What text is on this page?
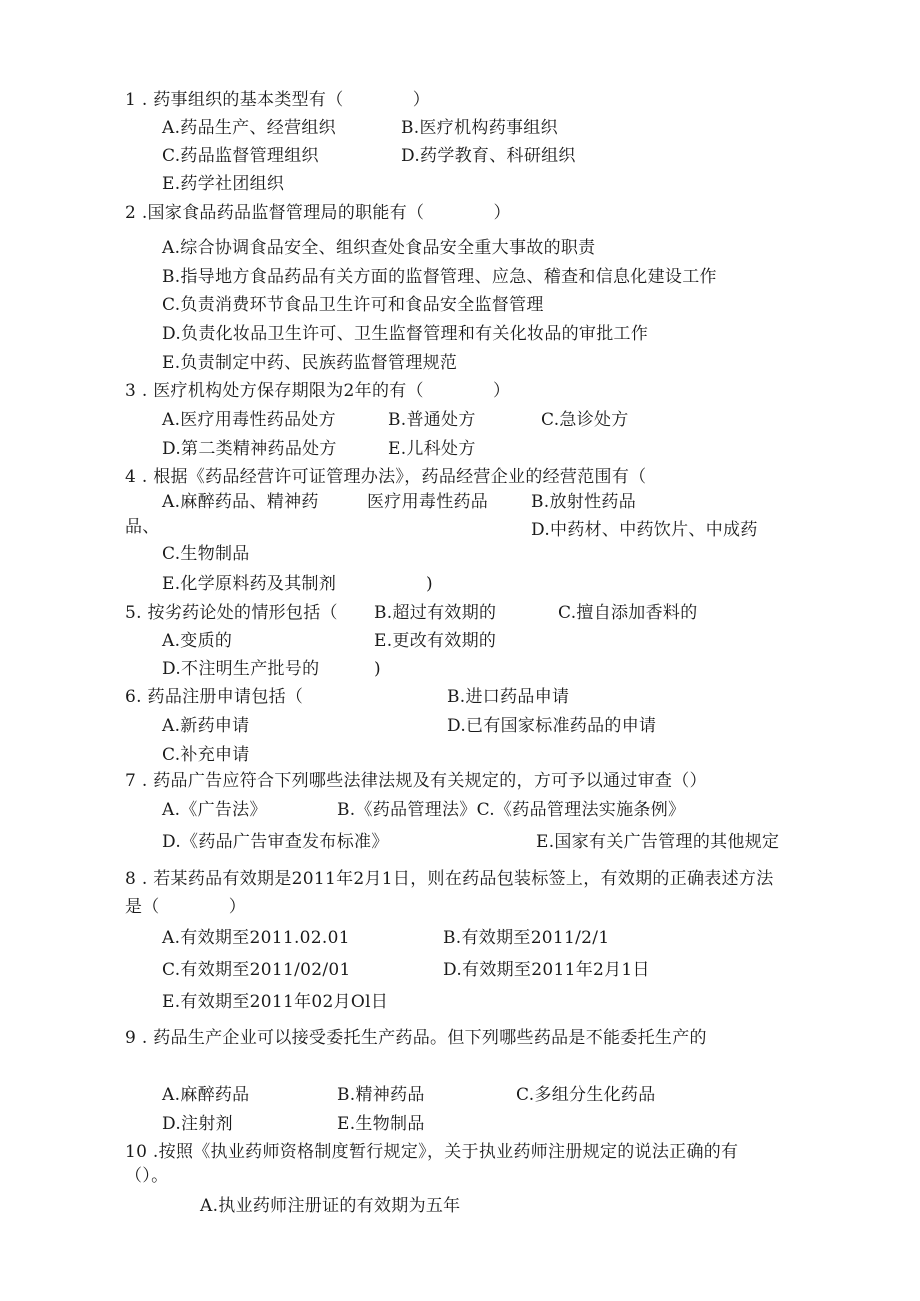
1 . 药事组织的基本类型有（　　　　）
A.药品生产、经营组织	B.医疗机构药事组织
C.药品监督管理组织	D.药学教育、科研组织
E.药学社团组织
2 .国家食品药品监督管理局的职能有（　　　　）
A.综合协调食品安全、组织查处食品安全重大事故的职责
B.指导地方食品药品有关方面的监督管理、应急、稽查和信息化建设工作
C.负责消费环节食品卫生许可和食品安全监督管理
D.负责化妆品卫生许可、卫生监督管理和有关化妆品的审批工作
E.负责制定中药、民族药监督管理规范
3 . 医疗机构处方保存期限为2年的有（　　　　）
A.医疗用毒性药品处方	B.普通处方	C.急诊处方
D.第二类精神药品处方	E.儿科处方
4 . 根据《药品经营许可证管理办法》，药品经营企业的经营范围有（
A.麻醉药品、精神药	医疗用毒性药品	B.放射性药品
品、	D.中药材、中药饮片、中成药
C.生物制品
E.化学原料药及其制剂	)
5. 按劣药论处的情形包括（ B.超过有效期的	C.擅自添加香料的
A.变质的	E.更改有效期的
D.不注明生产批号的	)
6. 药品注册申请包括（	B.进口药品申请
A.新药申请	D.已有国家标准药品的申请
C.补充申请
7 . 药品广告应符合下列哪些法律法规及有关规定的，方可予以通过审查（）
A.《广告法》	B.《药品管理法》C.《药品管理法实施条例》
D.《药品广告审查发布标准》	E.国家有关广告管理的其他规定
8 . 若某药品有效期是2011年2月1日，则在药品包装标签上，有效期的正确表述方法
是（　　　　）
A.有效期至2011.02.01	B.有效期至2011/2/1
C.有效期至2011/02/01	D.有效期至2011年2月1日
E.有效期至2011年02月Ol日
9 . 药品生产企业可以接受委托生产药品。但下列哪些药品是不能委托生产的
A.麻醉药品	B.精神药品	C.多组分生化药品
D.注射剂	E.生物制品
10 .按照《执业药师资格制度暂行规定》，关于执业药师注册规定的说法正确的有
（）。
A.执业药师注册证的有效期为五年
